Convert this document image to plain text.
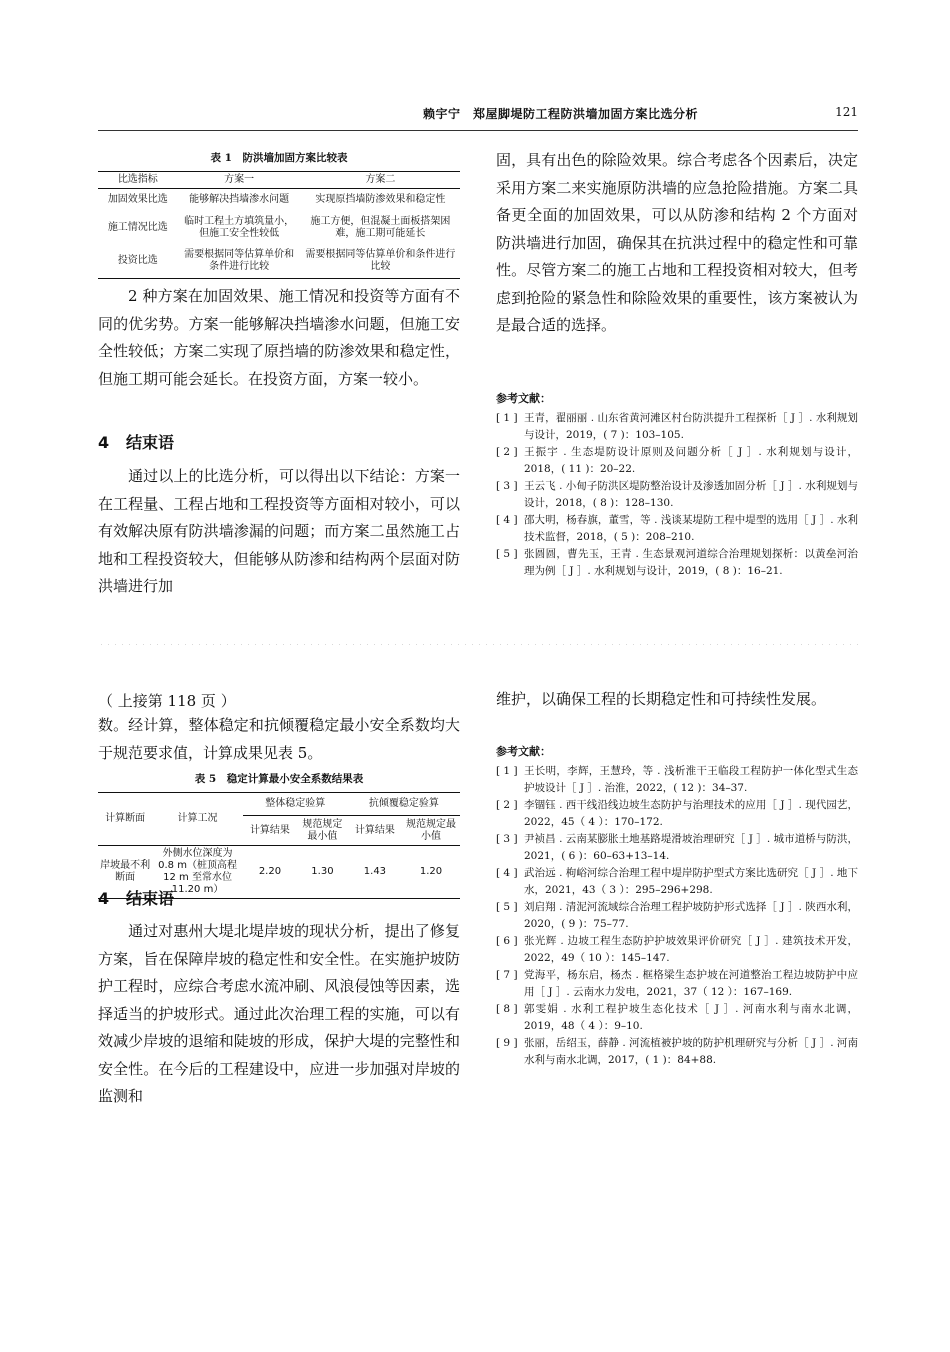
赖宇宁　郑屋脚堤防工程防洪墙加固方案比选分析	121
表 1　防洪墙加固方案比较表
比选指标	方案一	方案二
加固效果比选	能够解决挡墙渗水问题	实现原挡墙防渗效果和稳定性
施工情况比选	临时工程土方填筑量小，但施工安全性较低	施工方便，但混凝土面板搭架困难，施工期可能延长
投资比选	需要根据同等估算单价和条件进行比较	需要根据同等估算单价和条件进行比较
2 种方案在加固效果、施工情况和投资等方面有不同的优劣势。方案一能够解决挡墙渗水问题，但施工安全性较低；方案二实现了原挡墙的防渗效果和稳定性，但施工期可能会延长。在投资方面，方案一较小。
4 结束语
通过以上的比选分析，可以得出以下结论：方案一在工程量、工程占地和工程投资等方面相对较小，可以有效解决原有防洪墙渗漏的问题；而方案二虽然施工占地和工程投资较大，但能够从防渗和结构两个层面对防洪墙进行加
固，具有出色的除险效果。综合考虑各个因素后，决定采用方案二来实施原防洪墙的应急抢险措施。方案二具备更全面的加固效果，可以从防渗和结构 2 个方面对防洪墙进行加固，确保其在抗洪过程中的稳定性和可靠性。尽管方案二的施工占地和工程投资相对较大，但考虑到抢险的紧急性和除险效果的重要性，该方案被认为是最合适的选择。
参考文献：
[ 1 ] 王青，翟丽丽 . 山东省黄河滩区村台防洪提升工程探析［ J ］. 水利规划与设计，2019，( 7 )：103–105.
[ 2 ] 王振宇 . 生态堤防设计原则及问题分析［ J ］. 水利规划与设计，2018，( 11 )：20–22.
[ 3 ] 王云飞 . 小甸子防洪区堤防整治设计及渗透加固分析［ J ］. 水利规划与设计，2018，( 8 )：128–130.
[ 4 ] 邵大明，杨春旗，董雪，等 . 浅谈某堤防工程中堤型的选用［ J ］. 水利技术监督，2018，( 5 )：208–210.
[ 5 ] 张圆圆，曹先玉，王青 . 生态景观河道综合治理规划探析：以黄垒河治理为例［ J ］. 水利规划与设计，2019，( 8 )：16–21.
（ 上接第 118 页 ）
数。经计算，整体稳定和抗倾覆稳定最小安全系数均大于规范要求值，计算成果见表 5。
表 5　稳定计算最小安全系数结果表
计算断面	计算工况	整体稳定验算		抗倾覆稳定验算	
		计算结果	规范规定最小值	计算结果	规范规定最小值
岸坡最不利断面	外侧水位深度为 0.8 m（桩顶高程 12 m 至常水位 11.20 m）	2.20	1.30	1.43	1.20
4 结束语
通过对惠州大堤北堤岸坡的现状分析，提出了修复方案，旨在保障岸坡的稳定性和安全性。在实施护坡防护工程时，应综合考虑水流冲刷、风浪侵蚀等因素，选择适当的护坡形式。通过此次治理工程的实施，可以有效减少岸坡的退缩和陡坡的形成，保护大堤的完整性和安全性。在今后的工程建设中，应进一步加强对岸坡的监测和
维护，以确保工程的长期稳定性和可持续性发展。
参考文献：
[ 1 ] 王长明，李辉，王慧玲，等 . 浅析淮干王临段工程防护一体化型式生态护坡设计［ J ］. 治淮，2022，( 12 )：34–37.
[ 2 ] 李锢钰 . 西干线沿线边坡生态防护与治理技术的应用［ J ］. 现代园艺，2022，45（ 4 ）：170–172.
[ 3 ] 尹祯昌 . 云南某膨胀土地基路堤滑坡治理研究［ J ］. 城市道桥与防洪，2021，( 6 )：60–63+13–14.
[ 4 ] 武治远 . 枸峪河综合治理工程中堤岸防护型式方案比选研究［ J ］. 地下水，2021，43（ 3 ）：295–296+298.
[ 5 ] 刘启翔 . 清泥河流域综合治理工程护坡防护形式选择［ J ］. 陕西水利，2020，( 9 )：75–77.
[ 6 ] 张光辉 . 边坡工程生态防护护坡效果评价研究［ J ］. 建筑技术开发，2022，49（ 10 ）：145–147.
[ 7 ] 党海平，杨东启，杨杰 . 框格梁生态护坡在河道整治工程边坡防护中应用［ J ］. 云南水力发电，2021，37（ 12 ）：167–169.
[ 8 ] 郭雯娟 . 水利工程护坡生态化技术［ J ］. 河南水利与南水北调，2019，48（ 4 ）：9–10.
[ 9 ] 张丽，岳绍玉，薛静 . 河流植被护坡的防护机理研究与分析［ J ］. 河南水利与南水北调，2017，( 1 )：84+88.
